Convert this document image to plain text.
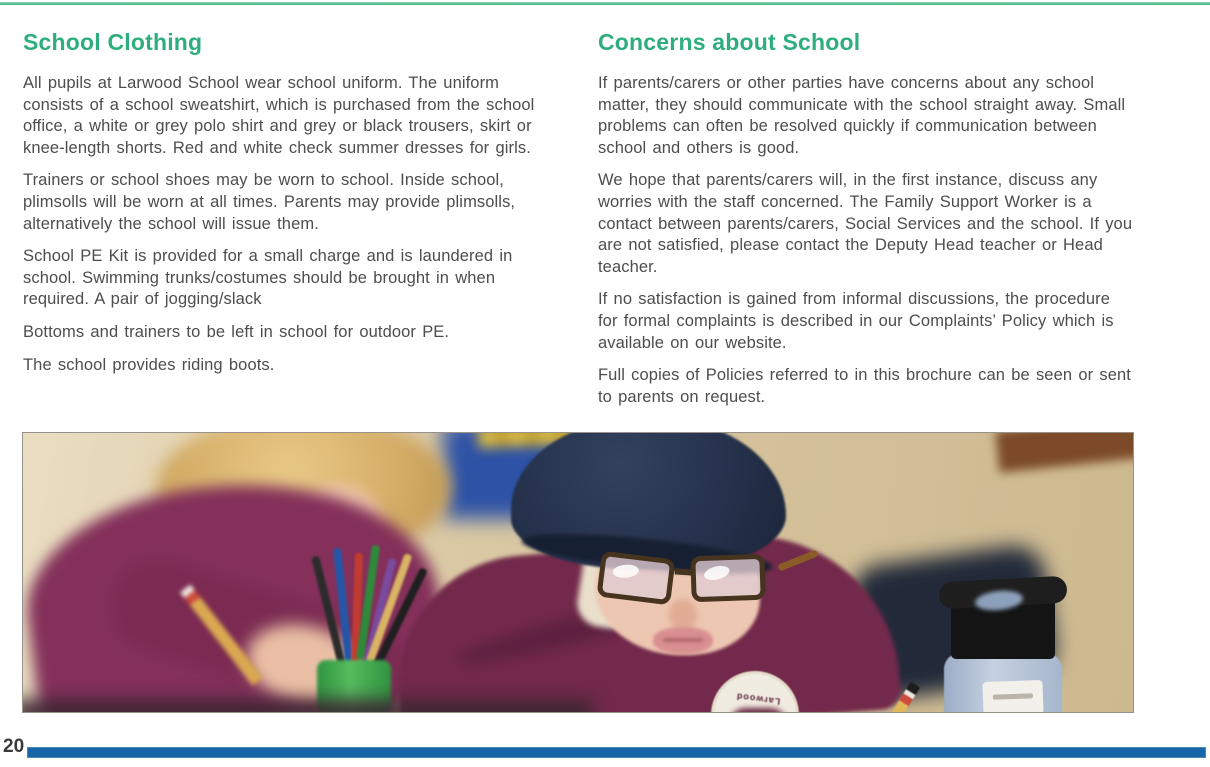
School Clothing

All pupils at Larwood School wear school uniform. The uniform consists of a school sweatshirt, which is purchased from the school office, a white or grey polo shirt and grey or black trousers, skirt or knee-length shorts. Red and white check summer dresses for girls.

Trainers or school shoes may be worn to school. Inside school, plimsolls will be worn at all times. Parents may provide plimsolls, alternatively the school will issue them.

School PE Kit is provided for a small charge and is laundered in school. Swimming trunks/costumes should be brought in when required. A pair of jogging/slack

Bottoms and trainers to be left in school for outdoor PE.

The school provides riding boots.

Concerns about School

If parents/carers or other parties have concerns about any school matter, they should communicate with the school straight away. Small problems can often be resolved quickly if communication between school and others is good.

We hope that parents/carers will, in the first instance, discuss any worries with the staff concerned. The Family Support Worker is a contact between parents/carers, Social Services and the school. If you are not satisfied, please contact the Deputy Head teacher or Head teacher.

If no satisfaction is gained from informal discussions, the procedure for formal complaints is described in our Complaints’ Policy which is available on our website.

Full copies of Policies referred to in this brochure can be seen or sent to parents on request.

Larwood
20
